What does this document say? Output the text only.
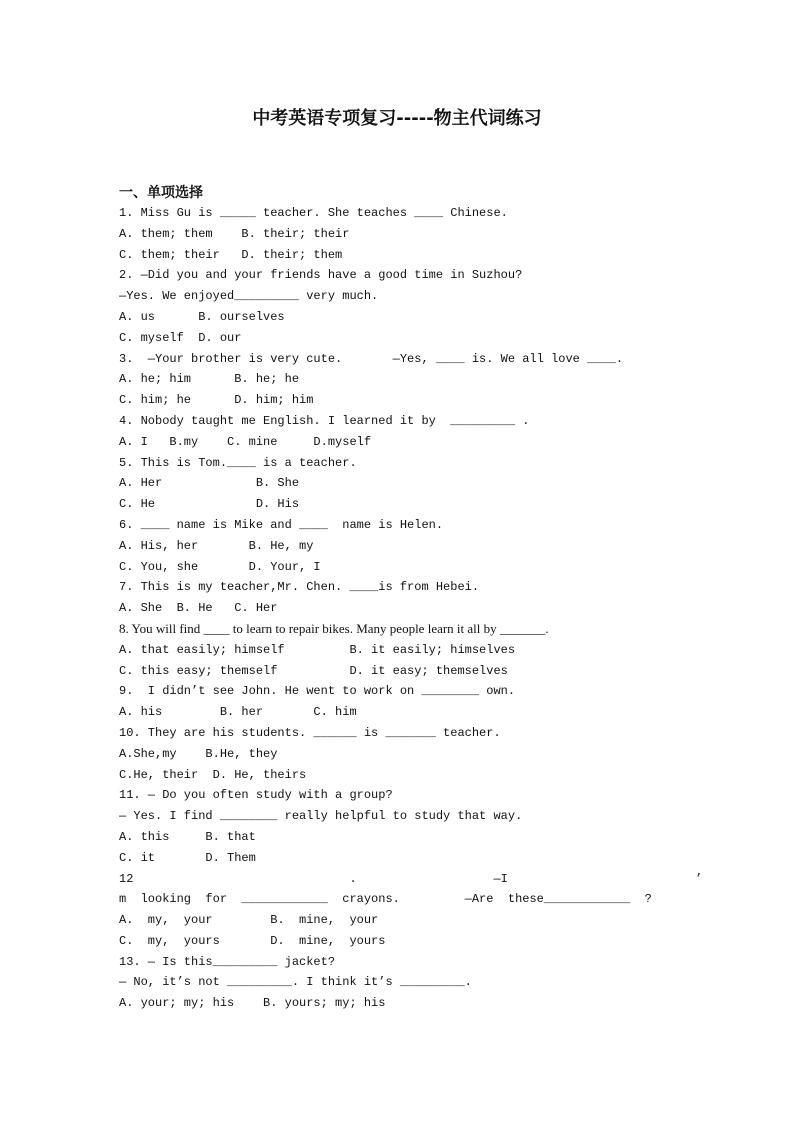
中考英语专项复习-----物主代词练习
一、单项选择
1. Miss Gu is _____ teacher. She teaches ____ Chinese.
A. them; them    B. their; their
C. them; their   D. their; them
2. —Did you and your friends have a good time in Suzhou?
—Yes. We enjoyed_________ very much.
A. us      B. ourselves
C. myself  D. our
3.  —Your brother is very cute.       —Yes, ____ is. We all love ____.
A. he; him      B. he; he
C. him; he      D. him; him
4. Nobody taught me English. I learned it by  _________ .
A. I   B.my    C. mine     D.myself
5. This is Tom.____ is a teacher.
A. Her             B. She
C. He              D. His
6. ____ name is Mike and ____  name is Helen.
A. His, her       B. He, my
C. You, she       D. Your, I
7. This is my teacher,Mr. Chen. ____is from Hebei.
A. She  B. He   C. Her
8. You will find ____ to learn to repair bikes. Many people learn it all by _______.
A. that easily; himself         B. it easily; himselves
C. this easy; themself          D. it easy; themselves
9.  I didn’t see John. He went to work on ________ own.
A. his        B. her       C. him
10. They are his students. ______ is _______ teacher.
A.She,my    B.He, they
C.He, their  D. He, theirs
11. — Do you often study with a group?
— Yes. I find ________ really helpful to study that way.
A. this     B. that
C. it       D. Them
12                              .                   —I                          ’
m  looking  for  ____________  crayons.         —Are  these____________  ?
A.  my,  your        B.  mine,  your
C.  my,  yours       D.  mine,  yours
13. — Is this_________ jacket?
— No, it’s not _________. I think it’s _________.
A. your; my; his    B. yours; my; his
